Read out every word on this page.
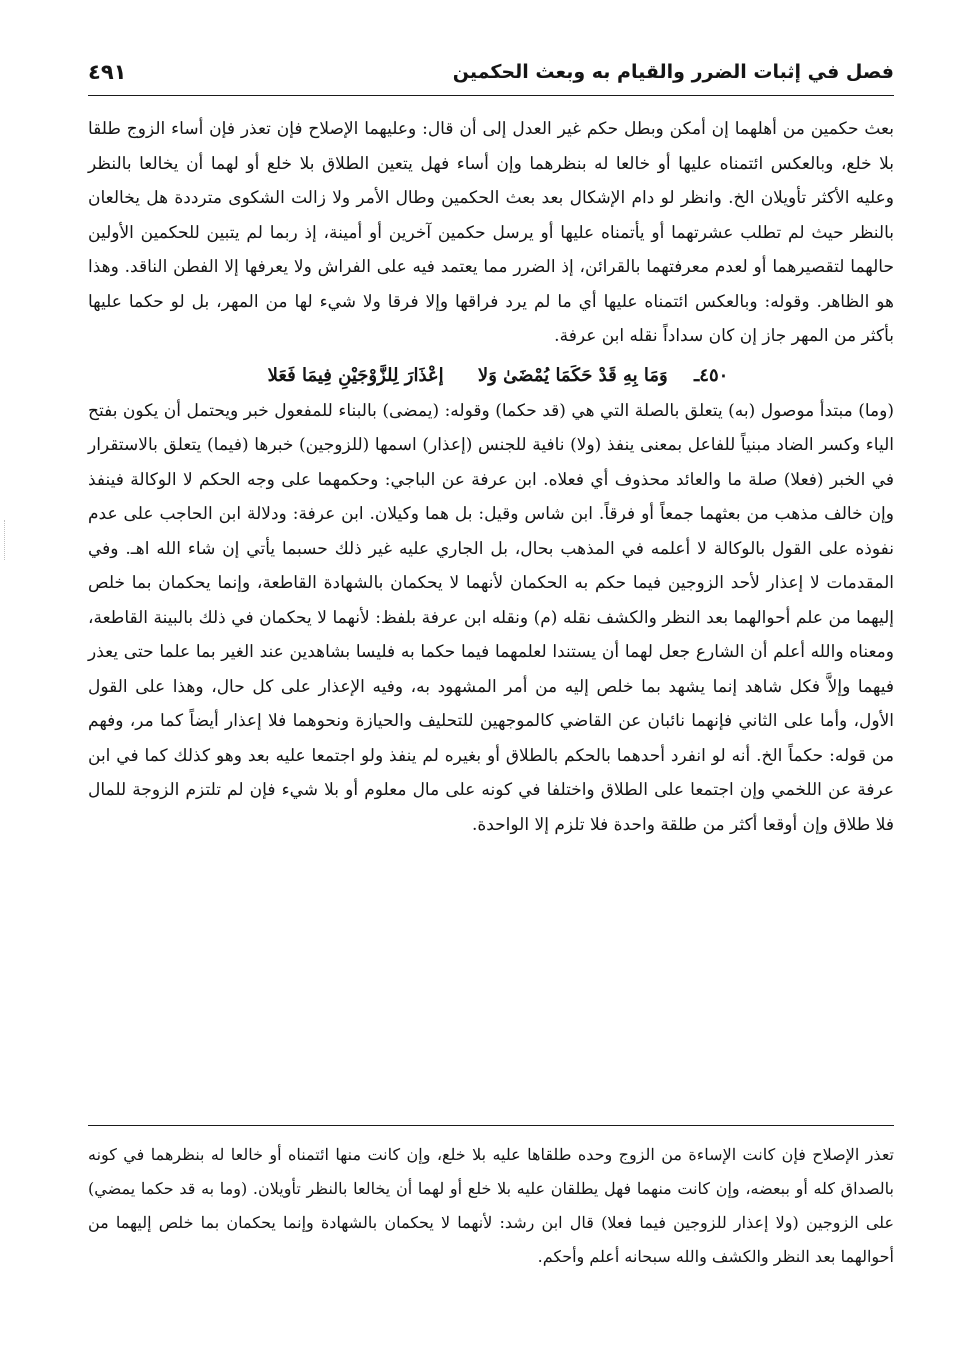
فصل في إثبات الضرر والقيام به وبعث الحكمين
٤٩١

بعث حكمين من أهلهما إن أمكن وبطل حكم غير العدل إلى أن قال: وعليهما الإصلاح فإن تعذر فإن أساء الزوج طلقا بلا خلع، وبالعكس ائتمناه عليها أو خالعا له بنظرهما وإن أساء فهل يتعين الطلاق بلا خلع أو لهما أن يخالعا بالنظر وعليه الأكثر تأويلان الخ. وانظر لو دام الإشكال بعد بعث الحكمين وطال الأمر ولا زالت الشكوى مترددة هل يخالعان بالنظر حيث لم تطلب عشرتهما أو يأتمناه عليها أو يرسل حكمين آخرين أو أمينة، إذ ربما لم يتبين للحكمين الأولين حالهما لتقصيرهما أو لعدم معرفتهما بالقرائن، إذ الضرر مما يعتمد فيه على الفراش ولا يعرفها إلا الفطن الناقد. وهذا هو الظاهر. وقوله: وبالعكس ائتمناه عليها أي ما لم يرد فراقها وإلا فرقا ولا شيء لها من المهر، بل لو حكما عليها بأكثر من المهر جاز إن كان سداداً نقله ابن عرفة.

٤٥٠ـ وَمَا بِهِ قَدْ حَكَمَا يُمْضَىٰ وَلا إعْذَارَ لِلزَّوْجَيْنِ فِيمَا فَعَلا

(وما) مبتدأ موصول (به) يتعلق بالصلة التي هي (قد حكما) وقوله: (يمضى) بالبناء للمفعول خبر ويحتمل أن يكون بفتح الياء وكسر الضاد مبنياً للفاعل بمعنى ينفذ (ولا) نافية للجنس (إعذار) اسمها (للزوجين) خبرها (فيما) يتعلق بالاستقرار في الخبر (فعلا) صلة ما والعائد محذوف أي فعلاه. ابن عرفة عن الباجي: وحكمهما على وجه الحكم لا الوكالة فينفذ وإن خالف مذهب من بعثهما جمعاً أو فرقاً. ابن شاس وقيل: بل هما وكيلان. ابن عرفة: ودلالة ابن الحاجب على عدم نفوذه على القول بالوكالة لا أعلمه في المذهب بحال، بل الجاري عليه غير ذلك حسبما يأتي إن شاء الله اهـ. وفي المقدمات لا إعذار لأحد الزوجين فيما حكم به الحكمان لأنهما لا يحكمان بالشهادة القاطعة، وإنما يحكمان بما خلص إليهما من علم أحوالهما بعد النظر والكشف نقله (م) ونقله ابن عرفة بلفظ: لأنهما لا يحكمان في ذلك بالبينة القاطعة، ومعناه والله أعلم أن الشارع جعل لهما أن يستندا لعلمهما فيما حكما به فليسا بشاهدين عند الغير بما علما حتى يعذر فيهما وإلاَّ فكل شاهد إنما يشهد بما خلص إليه من أمر المشهود به، وفيه الإعذار على كل حال، وهذا على القول الأول، وأما على الثاني فإنهما نائبان عن القاضي كالموجهين للتحليف والحيازة ونحوهما فلا إعذار أيضاً كما مر، وفهم من قوله: حكماً الخ. أنه لو انفرد أحدهما بالحكم بالطلاق أو بغيره لم ينفذ ولو اجتمعا عليه بعد وهو كذلك كما في ابن عرفة عن اللخمي وإن اجتمعا على الطلاق واختلفا في كونه على مال معلوم أو بلا شيء فإن لم تلتزم الزوجة للمال فلا طلاق وإن أوقعا أكثر من طلقة واحدة فلا تلزم إلا الواحدة.

تعذر الإصلاح فإن كانت الإساءة من الزوج وحده طلقاها عليه بلا خلع، وإن كانت منها ائتمناه أو خالعا له بنظرهما في كونه بالصداق كله أو ببعضه، وإن كانت منهما فهل يطلقان عليه بلا خلع أو لهما أن يخالعا بالنظر تأويلان. (وما به قد حكما يمضي) على الزوجين (ولا إعذار للزوجين فيما فعلا) قال ابن رشد: لأنهما لا يحكمان بالشهادة وإنما يحكمان بما خلص إليهما من أحوالهما بعد النظر والكشف والله سبحانه أعلم وأحكم.
